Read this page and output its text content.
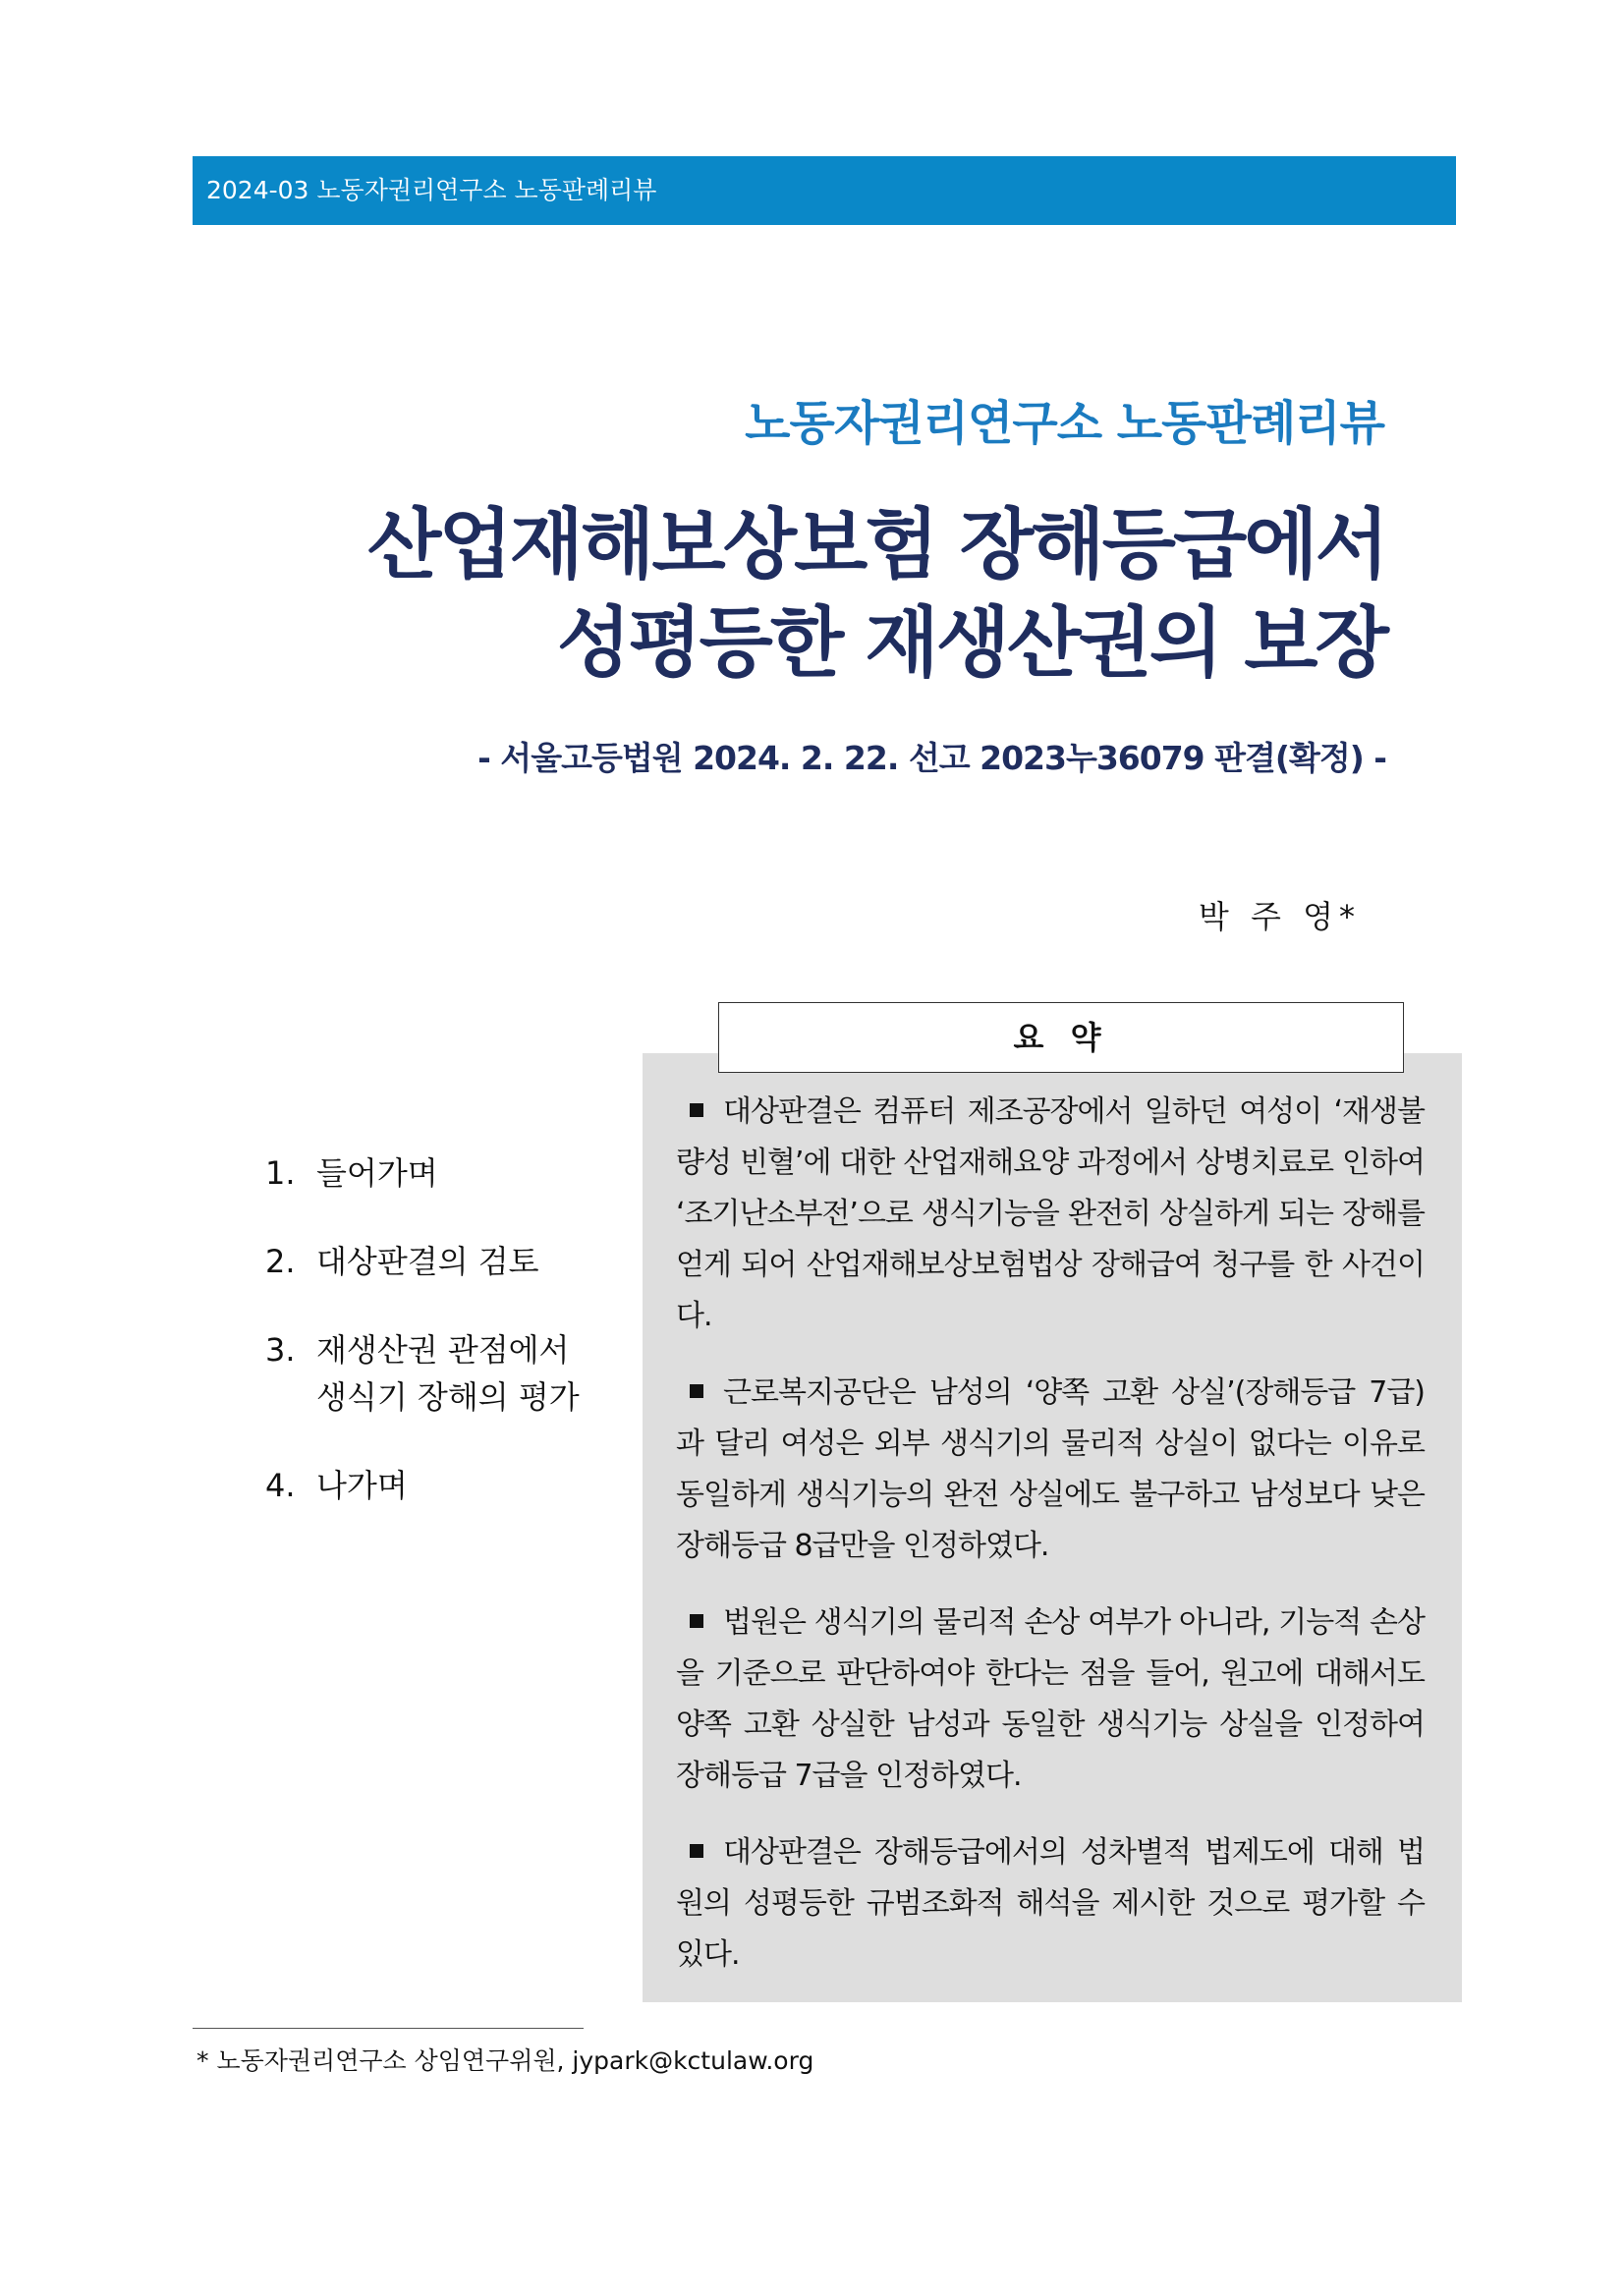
2024-03 노동자권리연구소 노동판례리뷰
노동자권리연구소 노동판례리뷰
산업재해보상보험 장해등급에서
성평등한 재생산권의 보장
- 서울고등법원 2024. 2. 22. 선고 2023누36079 판결(확정) -
박 주 영*
1. 들어가며
2. 대상판결의 검토
3. 재생산권 관점에서 생식기 장해의 평가
4. 나가며
요 약

대상판결은 컴퓨터 제조공장에서 일하던 여성이 ‘재생불량성 빈혈’에 대한 산업재해요양 과정에서 상병치료로 인하여 ‘조기난소부전’으로 생식기능을 완전히 상실하게 되는 장해를 얻게 되어 산업재해보상보험법상 장해급여 청구를 한 사건이다.

근로복지공단은 남성의 ‘양쪽 고환 상실’(장해등급 7급)과 달리 여성은 외부 생식기의 물리적 상실이 없다는 이유로 동일하게 생식기능의 완전 상실에도 불구하고 남성보다 낮은 장해등급 8급만을 인정하였다.

법원은 생식기의 물리적 손상 여부가 아니라, 기능적 손상을 기준으로 판단하여야 한다는 점을 들어, 원고에 대해서도 양쪽 고환 상실한 남성과 동일한 생식기능 상실을 인정하여 장해등급 7급을 인정하였다.

대상판결은 장해등급에서의 성차별적 법제도에 대해 법원의 성평등한 규범조화적 해석을 제시한 것으로 평가할 수 있다.

* 노동자권리연구소 상임연구위원, jypark@kctulaw.org
